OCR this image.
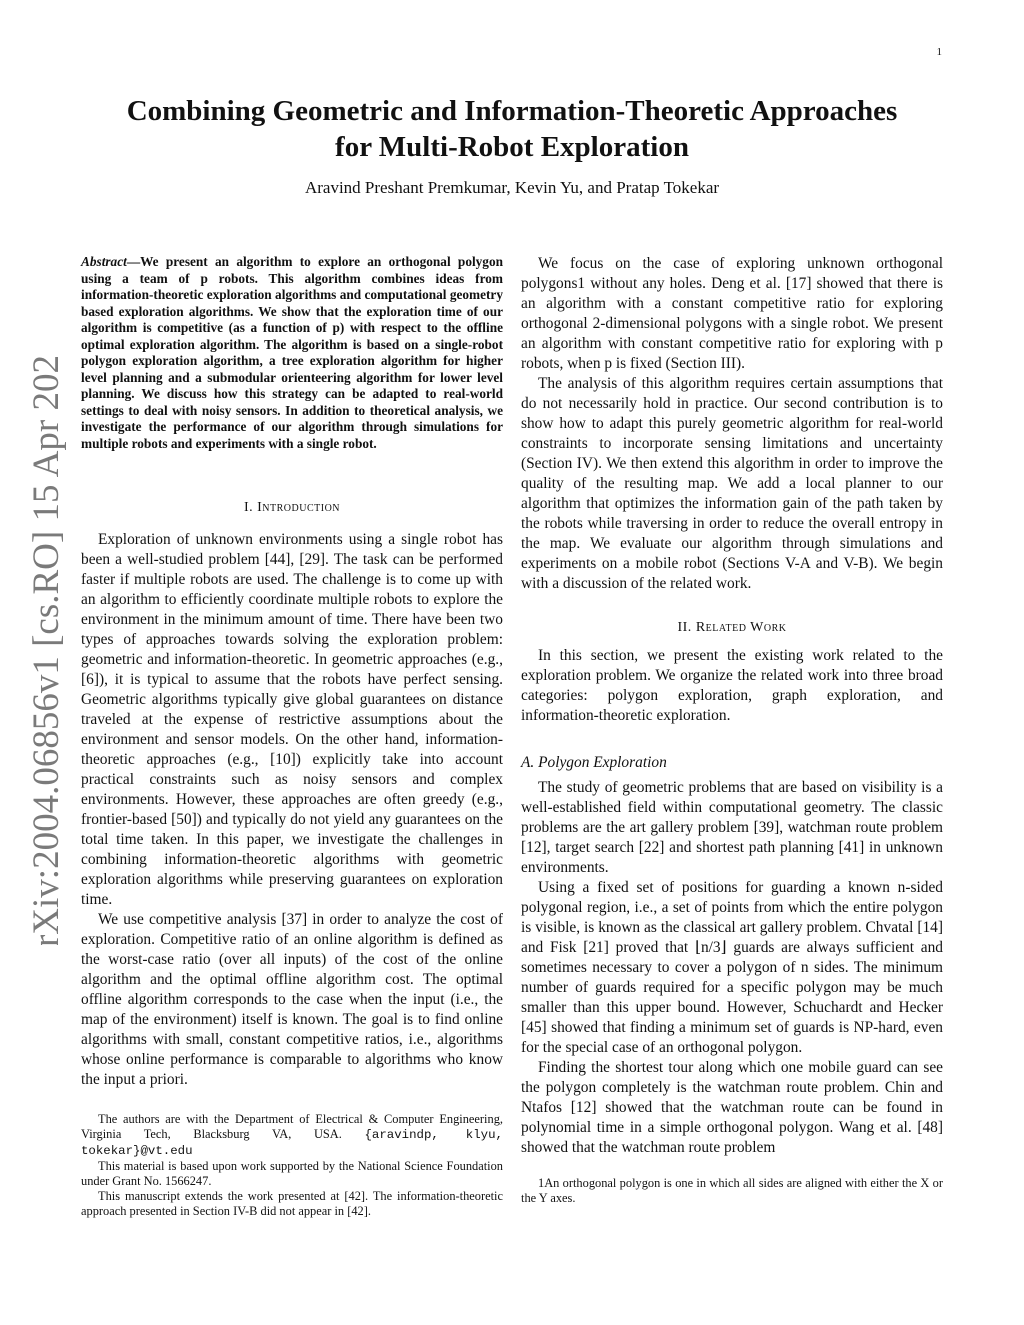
1
arXiv:2004.06856v1 [cs.RO] 15 Apr 2020
Combining Geometric and Information-Theoretic Approaches
for Multi-Robot Exploration
Aravind Preshant Premkumar, Kevin Yu, and Pratap Tokekar
Abstract—We present an algorithm to explore an orthogonal polygon using a team of p robots. This algorithm combines ideas from information-theoretic exploration algorithms and computational geometry based exploration algorithms. We show that the exploration time of our algorithm is competitive (as a function of p) with respect to the offline optimal exploration algorithm. The algorithm is based on a single-robot polygon exploration algorithm, a tree exploration algorithm for higher level planning and a submodular orienteering algorithm for lower level planning. We discuss how this strategy can be adapted to real-world settings to deal with noisy sensors. In addition to theoretical analysis, we investigate the performance of our algorithm through simulations for multiple robots and experiments with a single robot.
I. Introduction

Exploration of unknown environments using a single robot has been a well-studied problem [44], [29]. The task can be performed faster if multiple robots are used. The challenge is to come up with an algorithm to efficiently coordinate multiple robots to explore the environment in the minimum amount of time. There have been two types of approaches towards solving the exploration problem: geometric and information-theoretic. In geometric approaches (e.g., [6]), it is typical to assume that the robots have perfect sensing. Geometric algorithms typically give global guarantees on distance traveled at the expense of restrictive assumptions about the environment and sensor models. On the other hand, information-theoretic approaches (e.g., [10]) explicitly take into account practical constraints such as noisy sensors and complex environments. However, these approaches are often greedy (e.g., frontier-based [50]) and typically do not yield any guarantees on the total time taken. In this paper, we investigate the challenges in combining information-theoretic algorithms with geometric exploration algorithms while preserving guarantees on exploration time.

We use competitive analysis [37] in order to analyze the cost of exploration. Competitive ratio of an online algorithm is defined as the worst-case ratio (over all inputs) of the cost of the online algorithm and the optimal offline algorithm cost. The optimal offline algorithm corresponds to the case when the input (i.e., the map of the environment) itself is known. The goal is to find online algorithms with small, constant competitive ratios, i.e., algorithms whose online performance is comparable to algorithms who know the input a priori.

The authors are with the Department of Electrical & Computer Engineering, Virginia Tech, Blacksburg VA, USA. {aravindp, klyu, tokekar}@vt.edu

This material is based upon work supported by the National Science Foundation under Grant No. 1566247.

This manuscript extends the work presented at [42]. The information-theoretic approach presented in Section IV-B did not appear in [42].

We focus on the case of exploring unknown orthogonal polygons1 without any holes. Deng et al. [17] showed that there is an algorithm with a constant competitive ratio for exploring orthogonal 2-dimensional polygons with a single robot. We present an algorithm with constant competitive ratio for exploring with p robots, when p is fixed (Section III).

The analysis of this algorithm requires certain assumptions that do not necessarily hold in practice. Our second contribution is to show how to adapt this purely geometric algorithm for real-world constraints to incorporate sensing limitations and uncertainty (Section IV). We then extend this algorithm in order to improve the quality of the resulting map. We add a local planner to our algorithm that optimizes the information gain of the path taken by the robots while traversing in order to reduce the overall entropy in the map. We evaluate our algorithm through simulations and experiments on a mobile robot (Sections V-A and V-B). We begin with a discussion of the related work.

II. Related Work

In this section, we present the existing work related to the exploration problem. We organize the related work into three broad categories: polygon exploration, graph exploration, and information-theoretic exploration.

A. Polygon Exploration

The study of geometric problems that are based on visibility is a well-established field within computational geometry. The classic problems are the art gallery problem [39], watchman route problem [12], target search [22] and shortest path planning [41] in unknown environments.

Using a fixed set of positions for guarding a known n-sided polygonal region, i.e., a set of points from which the entire polygon is visible, is known as the classical art gallery problem. Chvatal [14] and Fisk [21] proved that ⌊n/3⌋ guards are always sufficient and sometimes necessary to cover a polygon of n sides. The minimum number of guards required for a specific polygon may be much smaller than this upper bound. However, Schuchardt and Hecker [45] showed that finding a minimum set of guards is NP-hard, even for the special case of an orthogonal polygon.

Finding the shortest tour along which one mobile guard can see the polygon completely is the watchman route problem. Chin and Ntafos [12] showed that the watchman route can be found in polynomial time in a simple orthogonal polygon. Wang et al. [48] showed that the watchman route problem

1An orthogonal polygon is one in which all sides are aligned with either the X or the Y axes.
